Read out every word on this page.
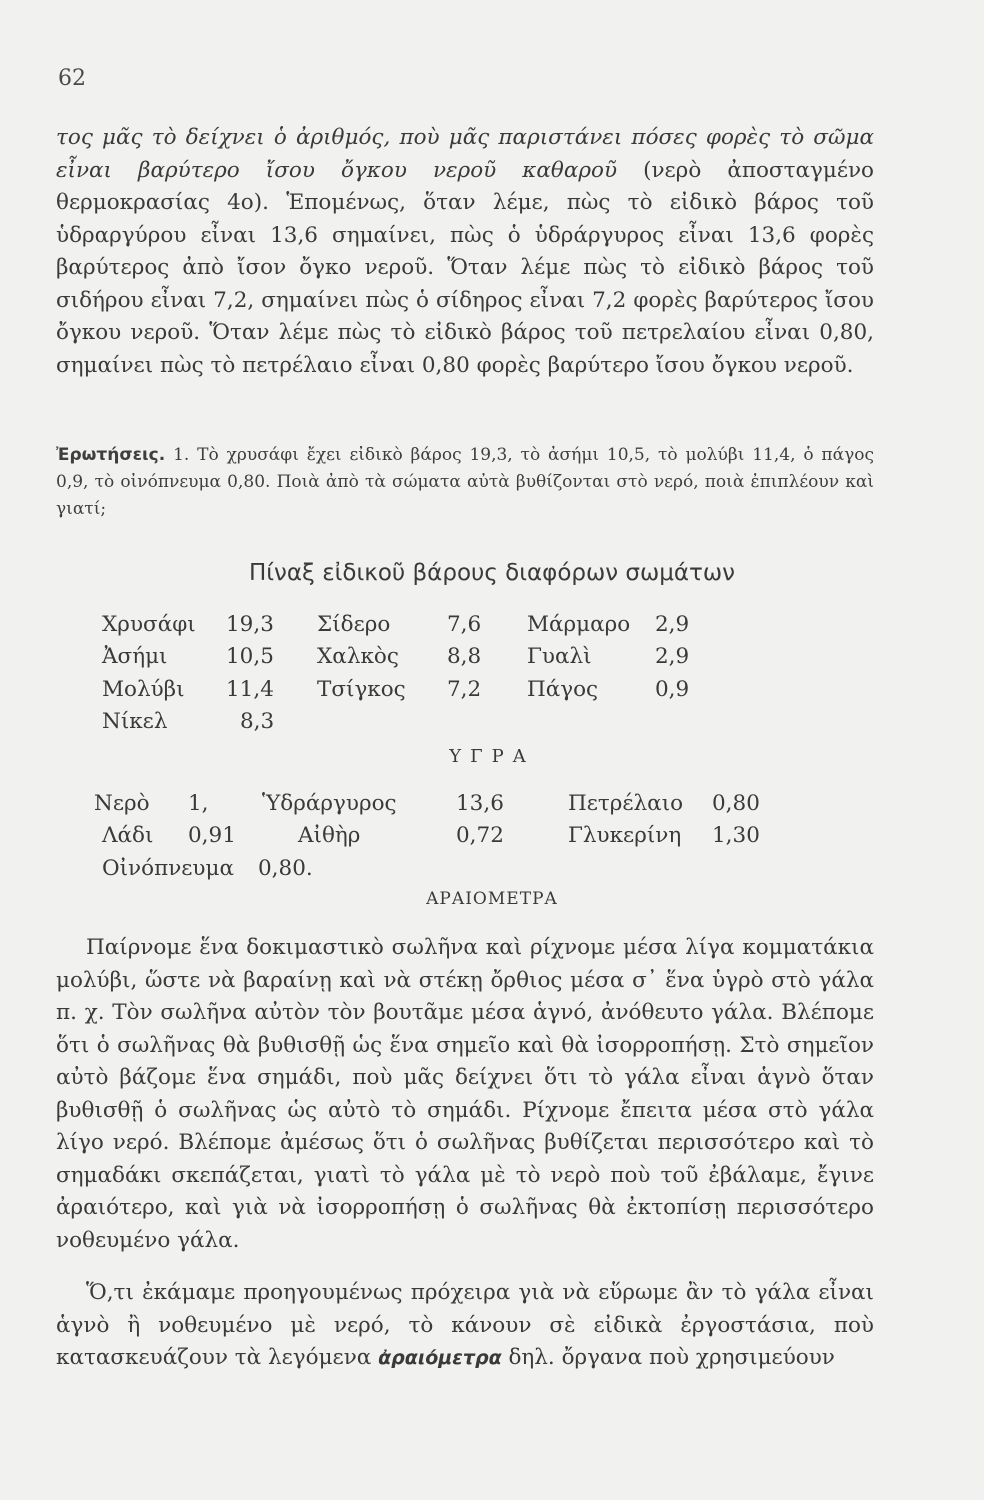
62

τος μᾶς τὸ δείχνει ὁ ἀριθμός, ποὺ μᾶς παριστάνει πόσες φορὲς τὸ σῶμα εἶναι βαρύτερο ἴσου ὄγκου νεροῦ καθαροῦ (νερὸ ἀποσταγμένο θερμοκρασίας 4ο). Ἑπομένως, ὅταν λέμε, πὼς τὸ εἰδικὸ βάρος τοῦ ὑδραργύρου εἶναι 13,6 σημαίνει, πὼς ὁ ὑδράργυρος εἶναι 13,6 φορὲς βαρύτερος ἀπὸ ἴσον ὄγκο νεροῦ. Ὅταν λέμε πὼς τὸ εἰδικὸ βάρος τοῦ σιδήρου εἶναι 7,2, σημαίνει πὼς ὁ σίδηρος εἶναι 7,2 φορὲς βαρύτερος ἴσου ὄγκου νεροῦ. Ὅταν λέμε πὼς τὸ εἰδικὸ βάρος τοῦ πετρελαίου εἶναι 0,80, σημαίνει πὼς τὸ πετρέλαιο εἶναι 0,80 φορὲς βαρύτερο ἴσου ὄγκου νεροῦ.

Ἐρωτήσεις. 1. Τὸ χρυσάφι ἔχει εἰδικὸ βάρος 19,3, τὸ ἀσήμι 10,5, τὸ μολύβι 11,4, ὁ πάγος 0,9, τὸ οἰνόπνευμα 0,80. Ποιὰ ἀπὸ τὰ σώματα αὐτὰ βυθίζονται στὸ νερό, ποιὰ ἐπιπλέουν καὶ γιατί;
Πίναξ εἰδικοῦ βάρους διαφόρων σωμάτων
Χρυσάφι 19,3 Σίδερο	7,6 Μάρμαρο 2,9
Ἀσήμι	10,5 Χαλκὸς 8,8 Γυαλὶ	2,9
Μολύβι 11,4 Τσίγκος 7,2 Πάγος	0,9
Νίκελ	8,3
ΥΓΡΑ
Νερὸ 1, Ὑδράργυρος	13,6	Πετρέλαιο 0,80
Λάδι 0,91	Αἰθὴρ	0,72	Γλυκερίνη 1,30
Οἰνόπνευμα 0,80.
ΑΡΑΙΟΜΕΤΡΑ

Παίρνομε ἕνα δοκιμαστικὸ σωλῆνα καὶ ρίχνομε μέσα λίγα κομματάκια μολύβι, ὥστε νὰ βαραίνῃ καὶ νὰ στέκῃ ὄρθιος μέσα σ᾽ ἕνα ὑγρὸ στὸ γάλα π. χ. Τὸν σωλῆνα αὐτὸν τὸν βουτᾶμε μέσα ἁγνό, ἀνόθευτο γάλα. Βλέπομε ὅτι ὁ σωλῆνας θὰ βυθισθῇ ὡς ἕνα σημεῖο καὶ θὰ ἰσορροπήσῃ. Στὸ σημεῖον αὐτὸ βάζομε ἕνα σημάδι, ποὺ μᾶς δείχνει ὅτι τὸ γάλα εἶναι ἁγνὸ ὅταν βυθισθῇ ὁ σωλῆνας ὡς αὐτὸ τὸ σημάδι. Ρίχνομε ἔπειτα μέσα στὸ γάλα λίγο νερό. Βλέπομε ἀμέσως ὅτι ὁ σωλῆνας βυθίζεται περισσότερο καὶ τὸ σημαδάκι σκεπάζεται, γιατὶ τὸ γάλα μὲ τὸ νερὸ ποὺ τοῦ ἐβάλαμε, ἔγινε ἀραιότερο, καὶ γιὰ νὰ ἰσορροπήσῃ ὁ σωλῆνας θὰ ἐκτοπίσῃ περισσότερο νοθευμένο γάλα.

Ὅ,τι ἐκάμαμε προηγουμένως πρόχειρα γιὰ νὰ εὕρωμε ἂν τὸ γάλα εἶναι ἁγνὸ ἢ νοθευμένο μὲ νερό, τὸ κάνουν σὲ εἰδικὰ ἐργοστάσια, ποὺ κατασκευάζουν τὰ λεγόμενα ἀραιόμετρα δηλ. ὄργανα ποὺ χρησιμεύουν
